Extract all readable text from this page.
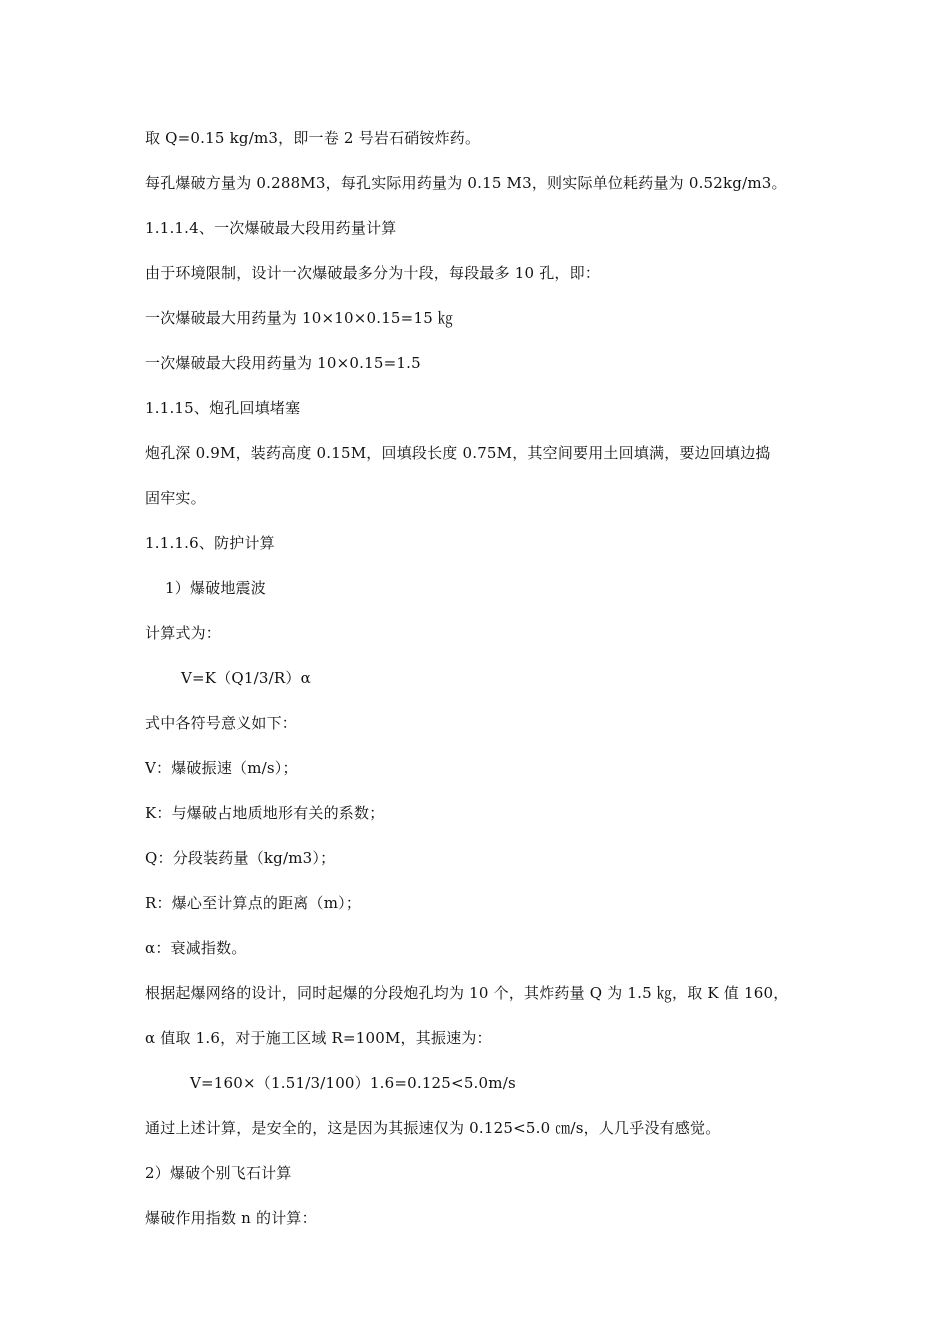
取 Q=0.15 kg/m3，即一卷 2 号岩石硝铵炸药。
每孔爆破方量为 0.288M3，每孔实际用药量为 0.15 M3，则实际单位耗药量为 0.52kg/m3。
1.1.1.4、一次爆破最大段用药量计算
由于环境限制，设计一次爆破最多分为十段，每段最多 10 孔，即：
一次爆破最大用药量为 10×10×0.15=15 ㎏
一次爆破最大段用药量为 10×0.15=1.5
1.1.15、炮孔回填堵塞
炮孔深 0.9M，装药高度 0.15M，回填段长度 0.75M，其空间要用土回填满，要边回填边捣
固牢实。
1.1.1.6、防护计算
1）爆破地震波
计算式为：
V=K（Q1/3/R）α
式中各符号意义如下：
V：爆破振速（m/s）；
K：与爆破占地质地形有关的系数；
Q：分段装药量（kg/m3）；
R：爆心至计算点的距离（m）；
α：衰减指数。
根据起爆网络的设计，同时起爆的分段炮孔均为 10 个，其炸药量 Q 为 1.5 ㎏，取 K 值 160，
α 值取 1.6，对于施工区域 R=100M，其振速为：
V=160×（1.51/3/100）1.6=0.125<5.0m/s
通过上述计算，是安全的，这是因为其振速仅为 0.125<5.0 ㎝/s，人几乎没有感觉。
2）爆破个别飞石计算
爆破作用指数 n 的计算：
